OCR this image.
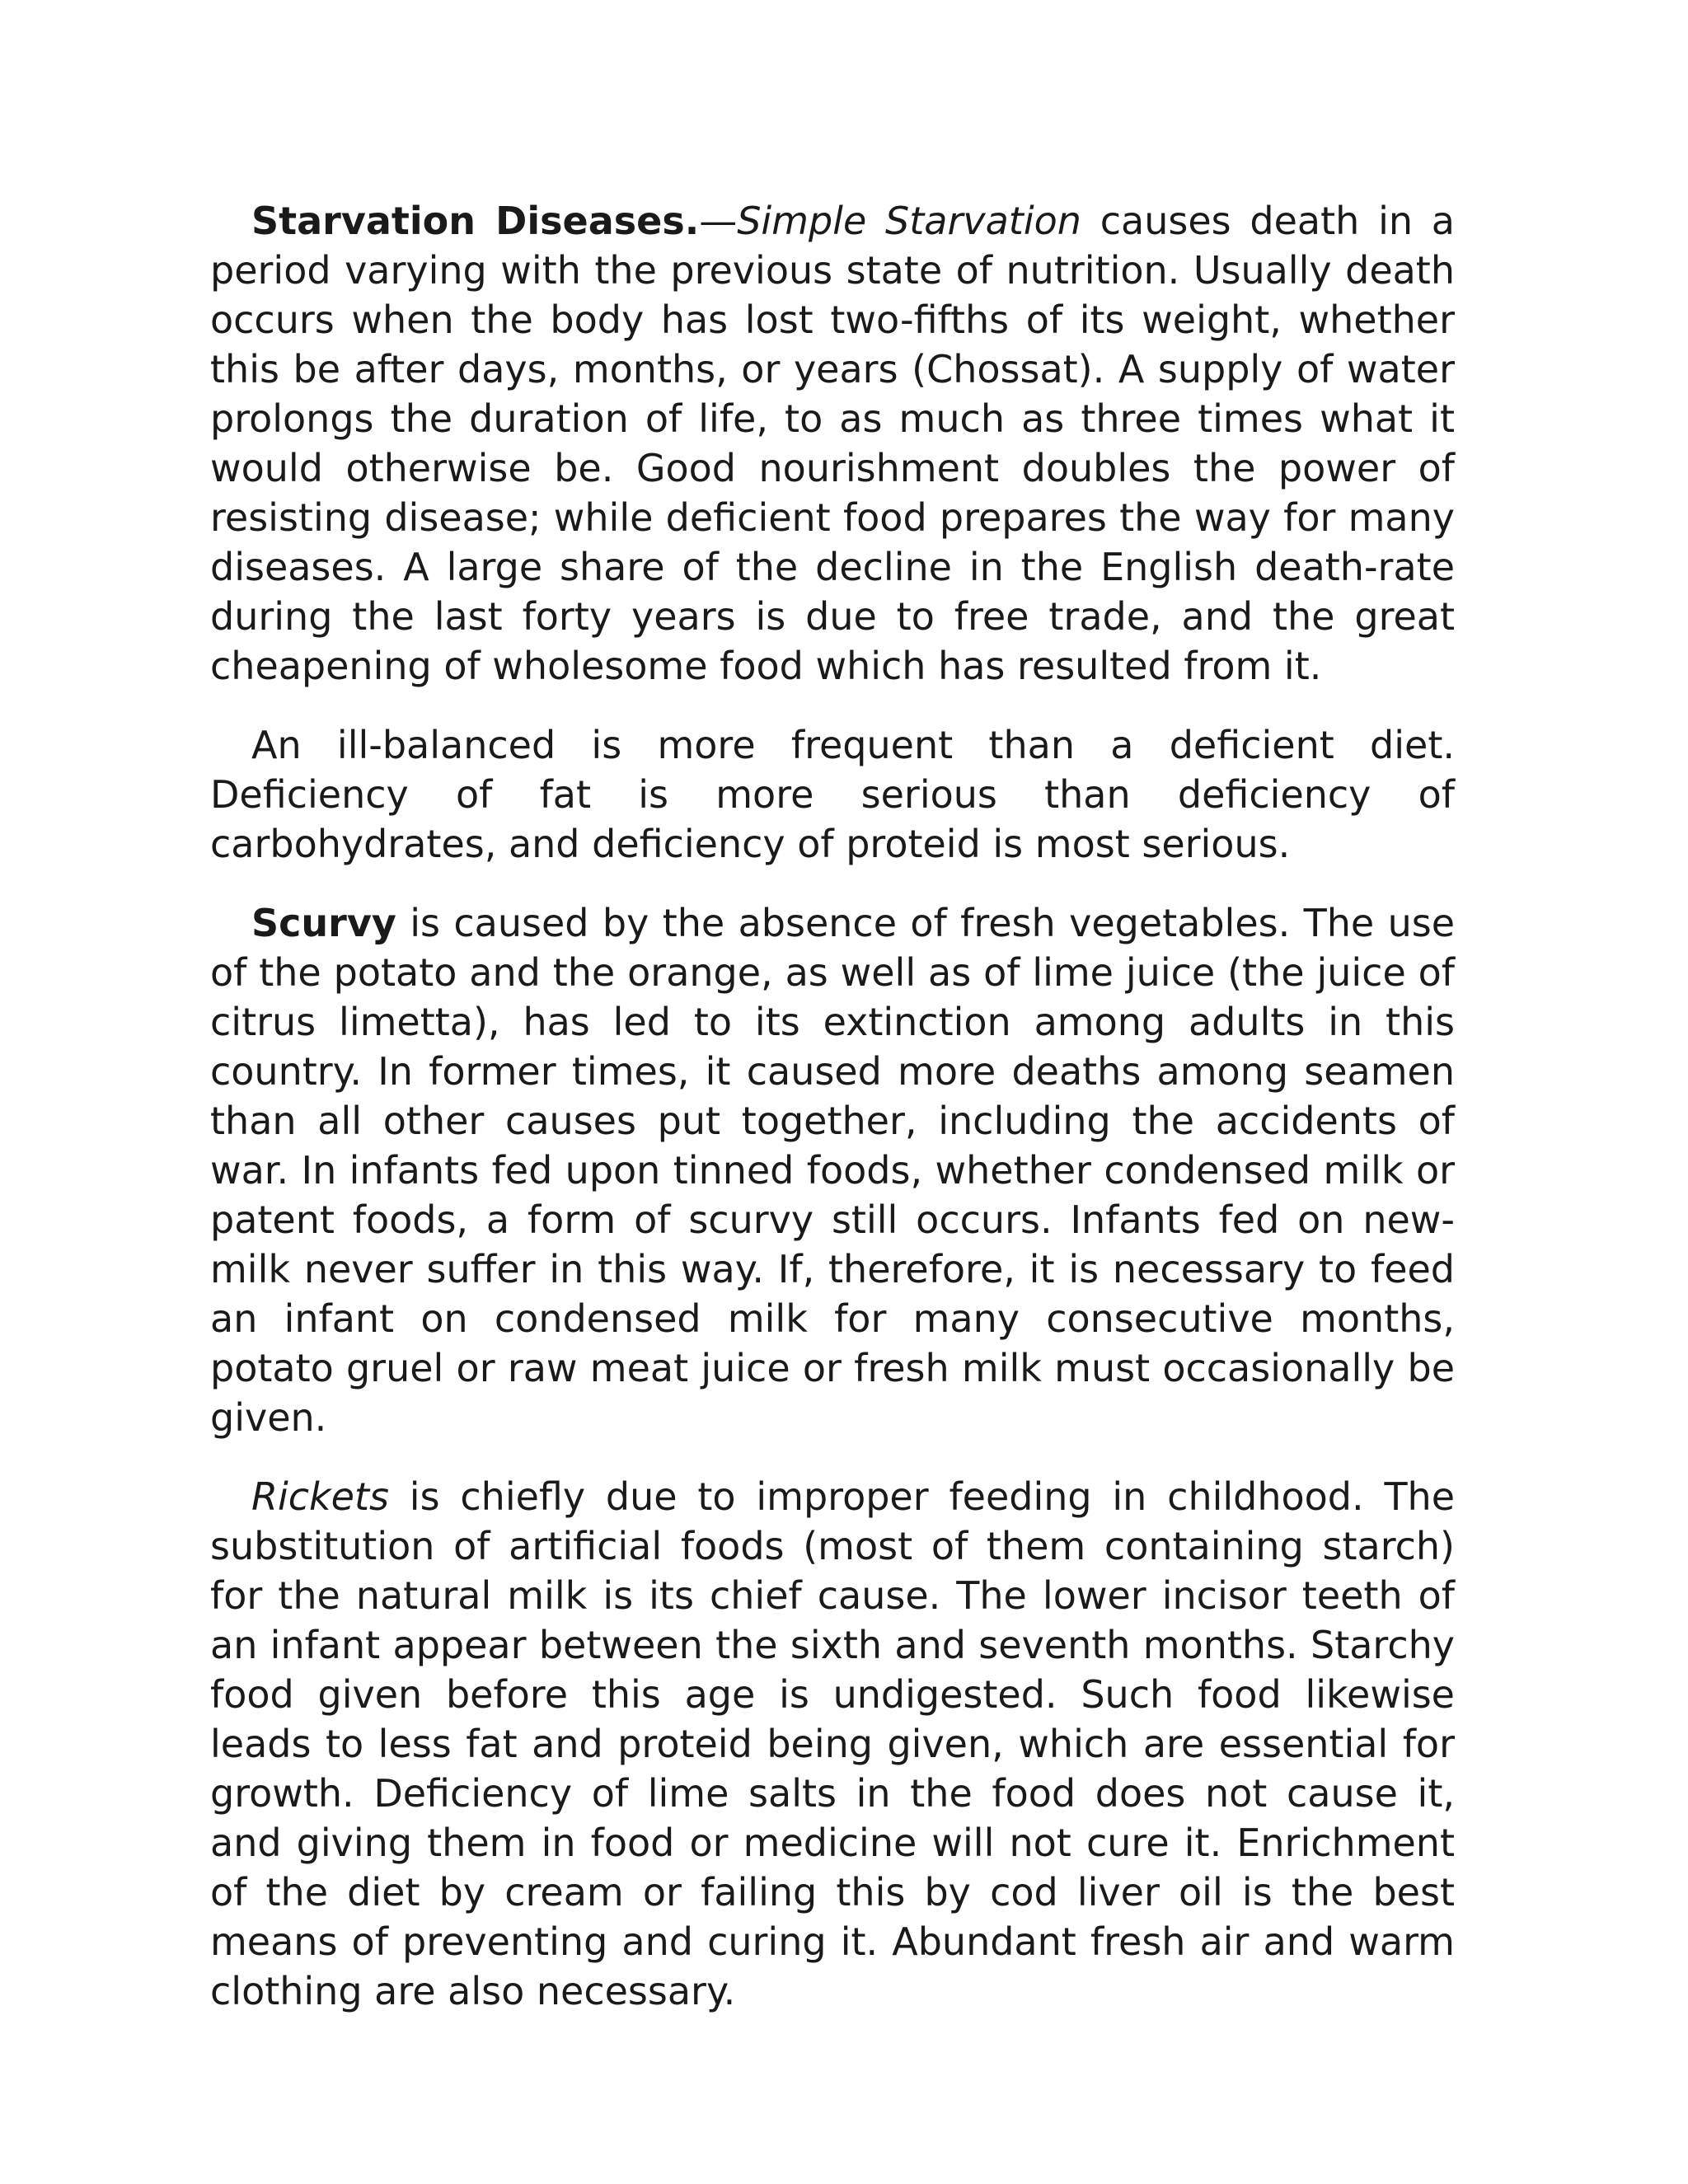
Starvation Diseases.—Simple Starvation causes death in a period varying with the previous state of nutrition. Usually death occurs when the body has lost two-fifths of its weight, whether this be after days, months, or years (Chossat). A supply of water prolongs the duration of life, to as much as three times what it would otherwise be. Good nourishment doubles the power of resisting disease; while deficient food prepares the way for many diseases. A large share of the decline in the English death-rate during the last forty years is due to free trade, and the great cheapening of wholesome food which has resulted from it.

An ill-balanced is more frequent than a deficient diet. Deficiency of fat is more serious than deficiency of carbohydrates, and deficiency of proteid is most serious.

Scurvy is caused by the absence of fresh vegetables. The use of the potato and the orange, as well as of lime juice (the juice of citrus limetta), has led to its extinction among adults in this country. In former times, it caused more deaths among seamen than all other causes put together, including the accidents of war. In infants fed upon tinned foods, whether condensed milk or patent foods, a form of scurvy still occurs. Infants fed on new-milk never suffer in this way. If, therefore, it is necessary to feed an infant on condensed milk for many consecutive months, potato gruel or raw meat juice or fresh milk must occasionally be given.

Rickets is chiefly due to improper feeding in childhood. The substitution of artificial foods (most of them containing starch) for the natural milk is its chief cause. The lower incisor teeth of an infant appear between the sixth and seventh months. Starchy food given before this age is undigested. Such food likewise leads to less fat and proteid being given, which are essential for growth. Deficiency of lime salts in the food does not cause it, and giving them in food or medicine will not cure it. Enrichment of the diet by cream or failing this by cod liver oil is the best means of preventing and curing it. Abundant fresh air and warm clothing are also necessary.
